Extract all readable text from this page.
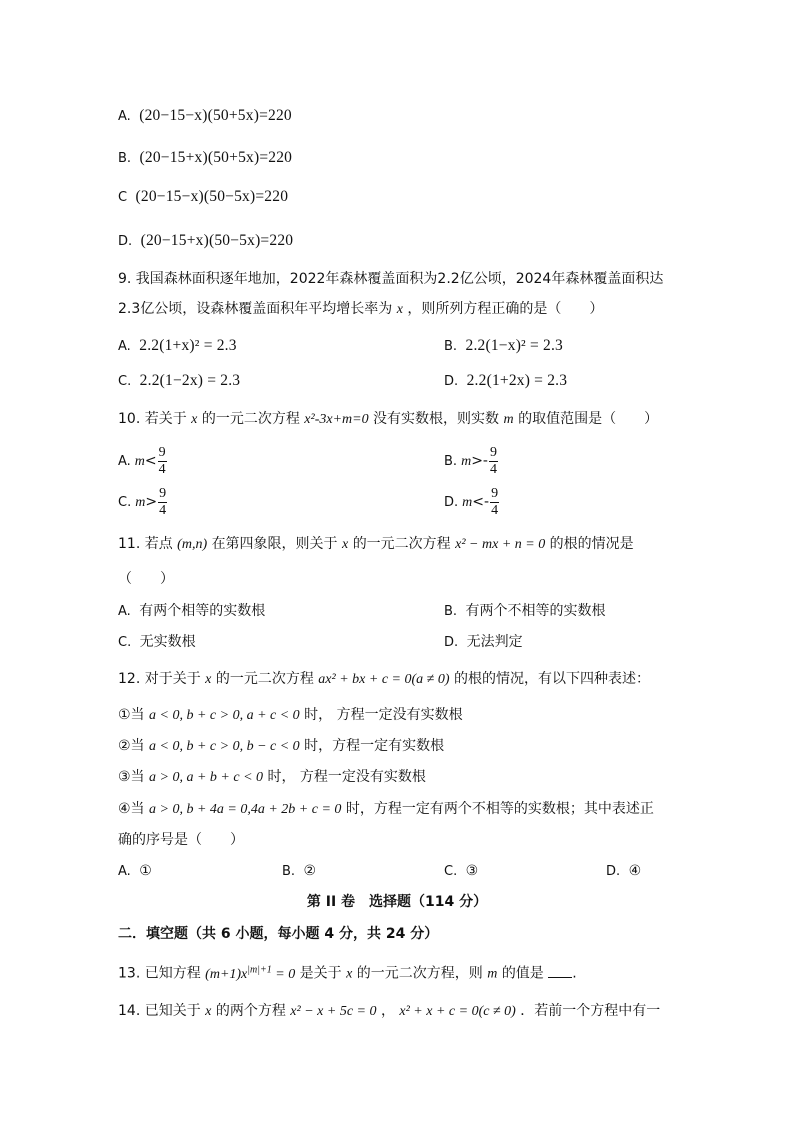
A. (20−15−x)(50+5x)=220
B. (20−15+x)(50+5x)=220
C (20−15−x)(50−5x)=220
D. (20−15+x)(50−5x)=220
9. 我国森林面积逐年地加，2022年森林覆盖面积为2.2亿公顷，2024年森林覆盖面积达
2.3亿公顷，设森林覆盖面积年平均增长率为 x ，则所列方程正确的是（　　）
A. 2.2(1+x)² = 2.3	B. 2.2(1−x)² = 2.3
C. 2.2(1−2x) = 2.3	D. 2.2(1+2x) = 2.3
10. 若关于 x 的一元二次方程 x²-3x+m=0 没有实数根，则实数 m 的取值范围是（　　）
A. $m< \frac{9}{4}$	B. $m>- \frac{9}{4}$
C. $m> \frac{9}{4}$	D. $m<- \frac{9}{4}$
11. 若点 (m,n) 在第四象限，则关于 x 的一元二次方程 x² − mx + n = 0 的根的情况是
（　　）
A. 有两个相等的实数根	B. 有两个不相等的实数根
C. 无实数根	D. 无法判定
12. 对于关于 x 的一元二次方程 ax² + bx + c = 0(a ≠ 0) 的根的情况，有以下四种表述：
①当 a < 0, b + c > 0, a + c < 0 时， 方程一定没有实数根
②当 a < 0, b + c > 0, b − c < 0 时，方程一定有实数根
③当 a > 0, a + b + c < 0 时， 方程一定没有实数根
④当 a > 0, b + 4a = 0,4a + 2b + c = 0 时，方程一定有两个不相等的实数根；其中表述正
确的序号是（　　）
A. ①	B. ②	C. ③	D. ④
第 II 卷　选择题（114 分）
二．填空题（共 6 小题，每小题 4 分，共 24 分）
13. 已知方程 $(m+1)x^{|m|+1} = 0$ 是关于 x 的一元二次方程，则 m 的值是 .
14. 已知关于 x 的两个方程 x² − x + 5c = 0 ， x² + x + c = 0(c ≠ 0) ．若前一个方程中有一
